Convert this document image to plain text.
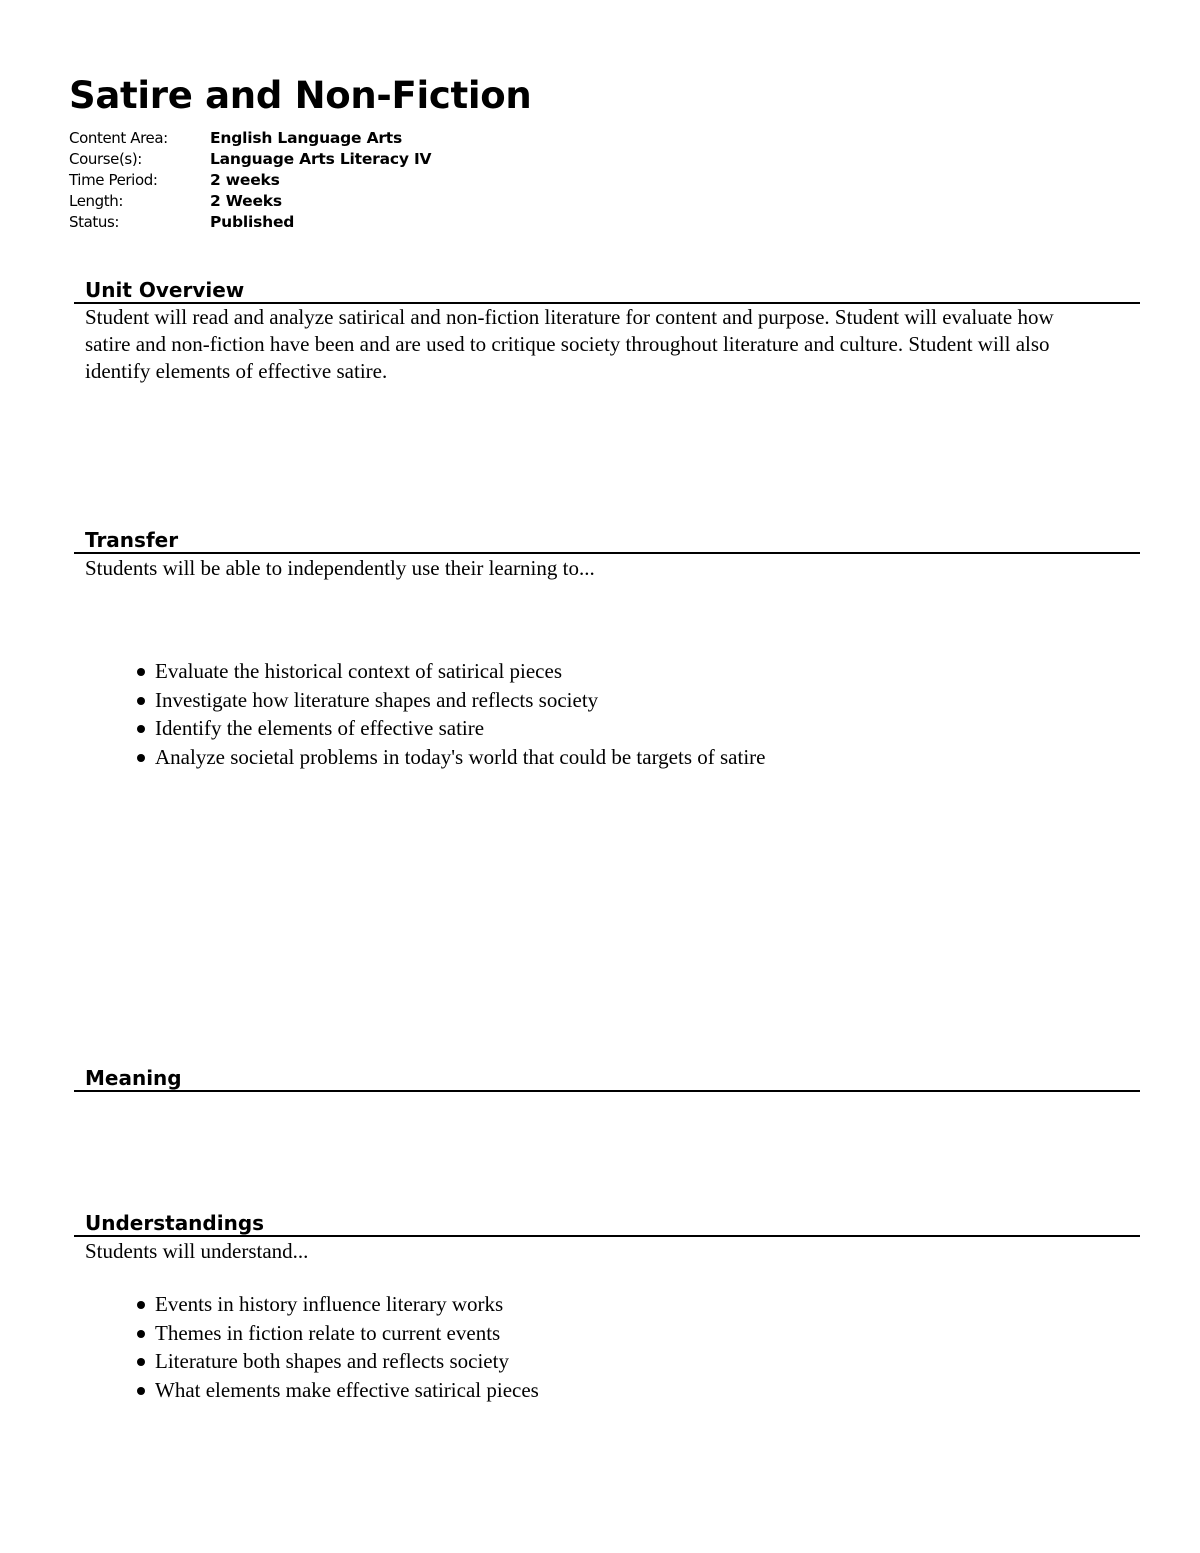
Satire and Non-Fiction
Content Area:	English Language Arts
Course(s):	Language Arts Literacy IV
Time Period:	2 weeks
Length:	2 Weeks
Status:	Published
Unit Overview

Student will read and analyze satirical and non-fiction literature for content and purpose. Student will evaluate how satire and non-fiction have been and are used to critique society throughout literature and culture. Student will also identify elements of effective satire.

Transfer

Students will be able to independently use their learning to...

Evaluate the historical context of satirical pieces
Investigate how literature shapes and reflects society
Identify the elements of effective satire
Analyze societal problems in today's world that could be targets of satire
Meaning
Understandings

Students will understand...

Events in history influence literary works
Themes in fiction relate to current events
Literature both shapes and reflects society
What elements make effective satirical pieces
